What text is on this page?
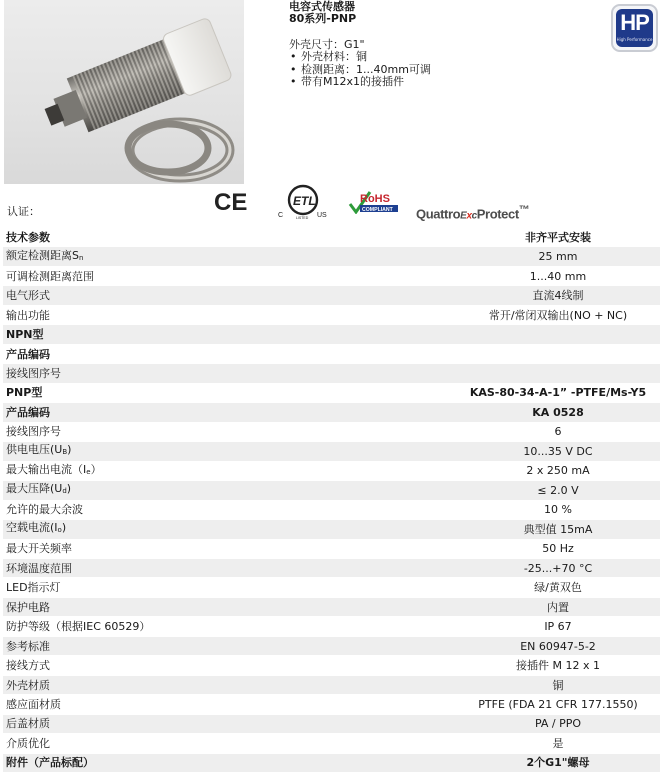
电容式传感器
80系列-PNP
外壳尺寸：G1"
• 外壳材料：铜
• 检测距离：1...40mm可调
• 带有M12x1的接插件
HP
High Performance
认证：	CE	ETL
C	US
LISTED
RoHS
COMPLIANT QuattroExcProtect™
技术参数	非齐平式安装
额定检测距离$S_n$	25 mm
可调检测距离范围	1...40 mm
电气形式	直流4线制
输出功能	常开/常闭双输出(NO + NC)
NPN型
产品编码
接线图序号
PNP型	KAS-80-34-A-1” -PTFE/Ms-Y5
产品编码	KA 0528
接线图序号	6
供电电压$(U_B)$	10...35 V DC
最大输出电流$(I_e)$	2 x 250 mA
最大压降$(U_d)$	≤ 2.0 V
允许的最大余波	10 %
空载电流$(I_o)$	典型值 15mA
最大开关频率	50 Hz
环境温度范围	-25...+70 °C
LED指示灯	绿/黄双色
保护电路	内置
防护等级（根据IEC 60529）	IP 67
参考标准	EN 60947-5-2
接线方式	接插件 M 12 x 1
外壳材质	铜
感应面材质	PTFE (FDA 21 CFR 177.1550)
后盖材质	PA / PPO
介质优化	是
附件（产品标配）	2个G1"螺母
